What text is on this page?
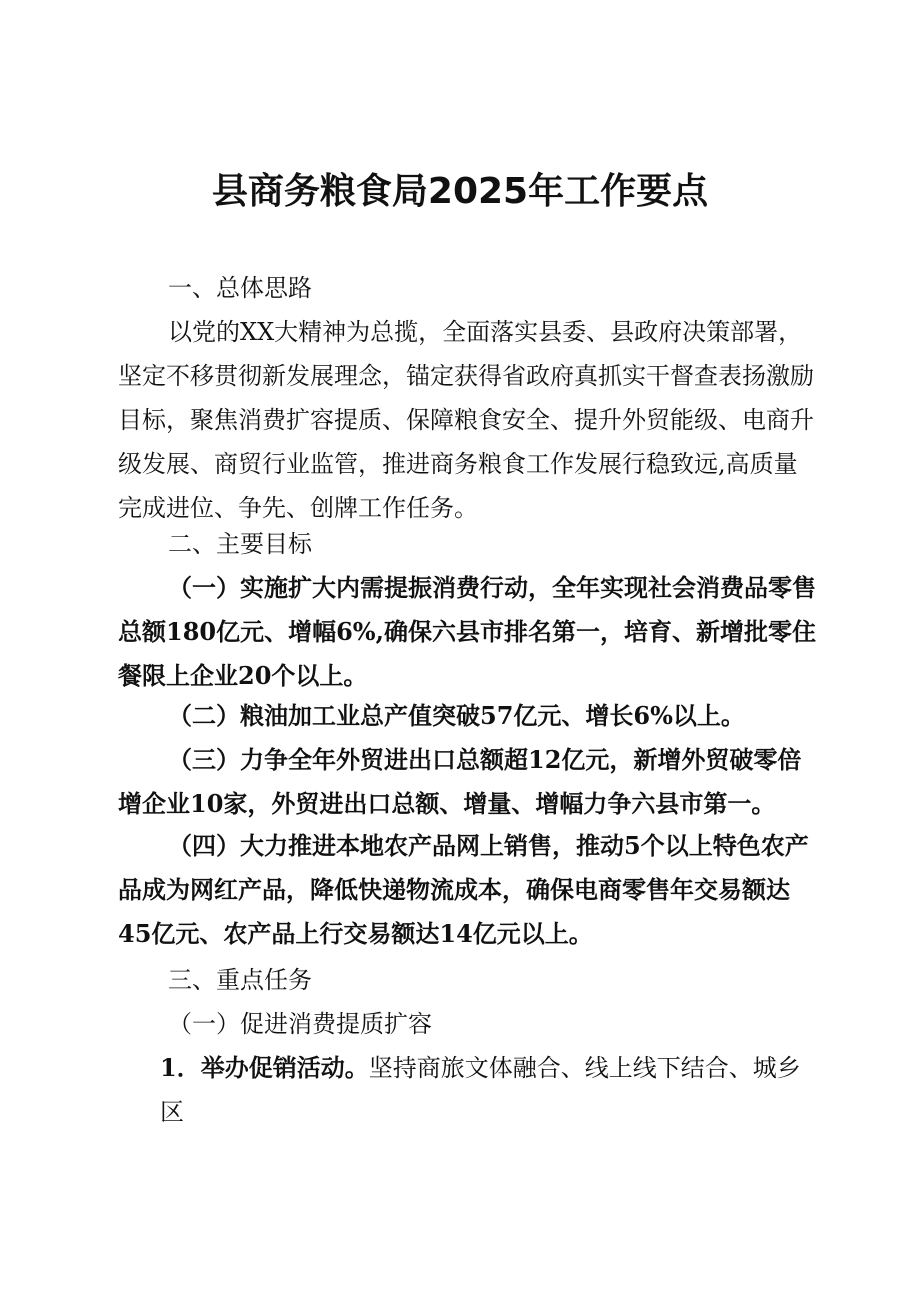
县商务粮食局2025年工作要点
一、总体思路

以党的XX大精神为总揽，全面落实县委、县政府决策部署，坚定不移贯彻新发展理念，锚定获得省政府真抓实干督查表扬激励目标，聚焦消费扩容提质、保障粮食安全、提升外贸能级、电商升级发展、商贸行业监管，推进商务粮食工作发展行稳致远,高质量完成进位、争先、创牌工作任务。

二、主要目标

（一）实施扩大内需提振消费行动，全年实现社会消费品零售总额180亿元、增幅6%,确保六县市排名第一，培育、新增批零住餐限上企业20个以上。

（二）粮油加工业总产值突破57亿元、增长6%以上。

（三）力争全年外贸进出口总额超12亿元，新增外贸破零倍增企业10家，外贸进出口总额、增量、增幅力争六县市第一。

（四）大力推进本地农产品网上销售，推动5个以上特色农产品成为网红产品，降低快递物流成本，确保电商零售年交易额达45亿元、农产品上行交易额达14亿元以上。

三、重点任务
（一）促进消费提质扩容

1．举办促销活动。坚持商旅文体融合、线上线下结合、城乡区
